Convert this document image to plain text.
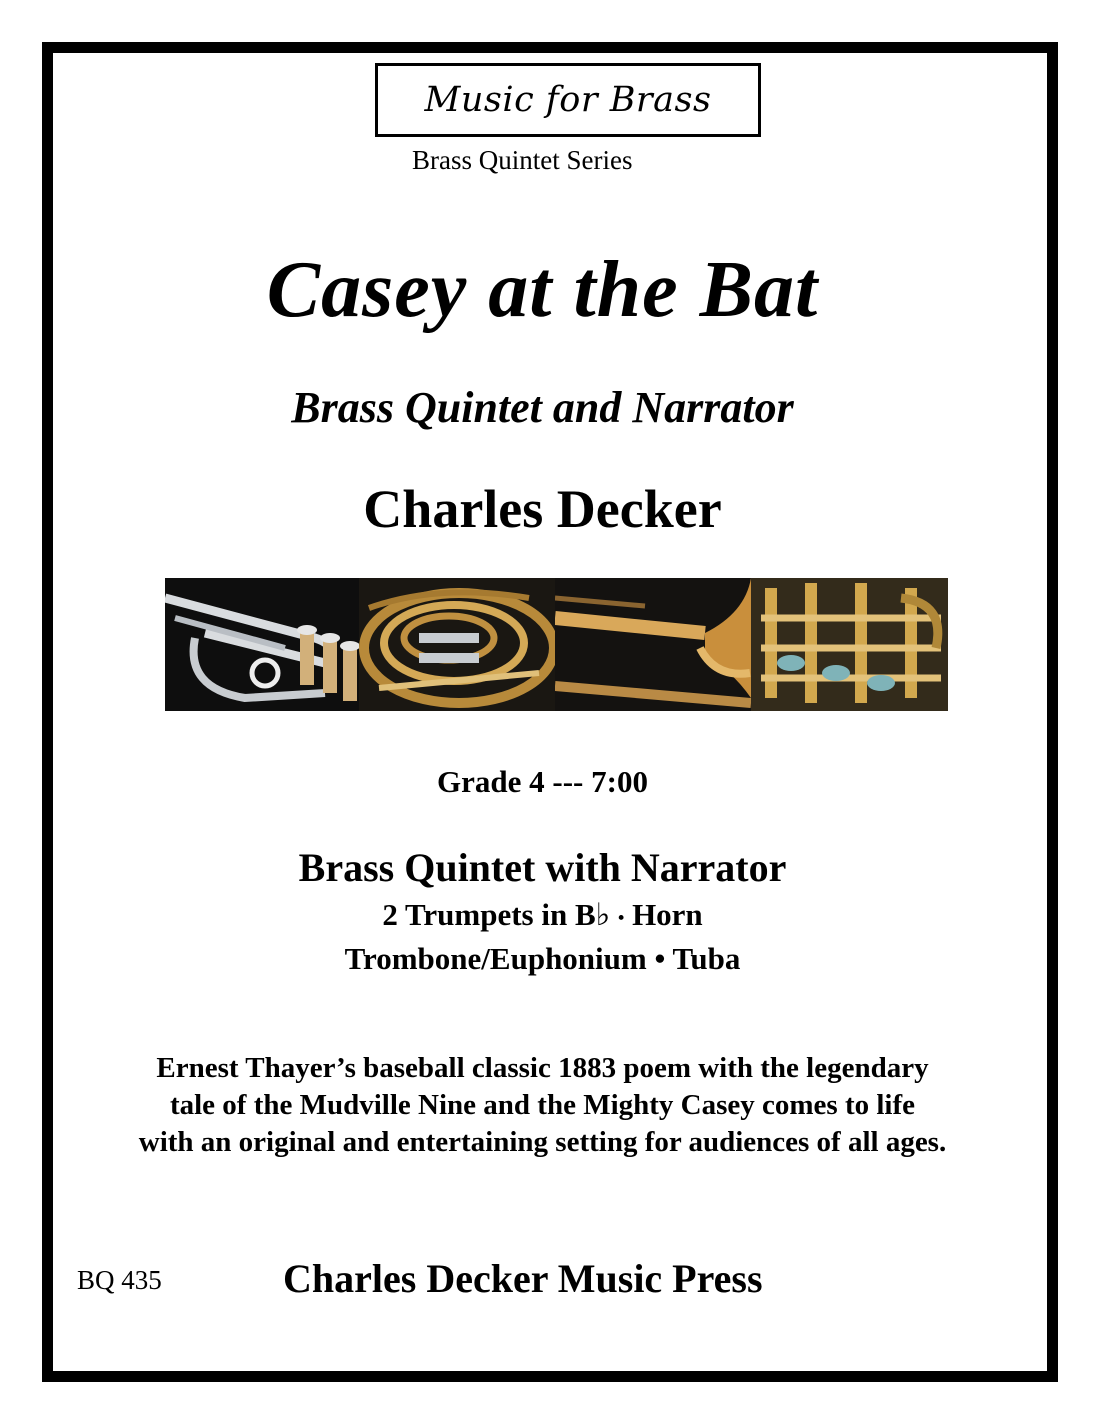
Music for Brass
Brass Quintet Series
Casey at the Bat
Brass Quintet and Narrator
Charles Decker
Grade 4 --- 7:00
Brass Quintet with Narrator
2 Trumpets in B♭ • Horn
Trombone/Euphonium • Tuba
Ernest Thayer’s baseball classic 1883 poem with the legendary
tale of the Mudville Nine and the Mighty Casey comes to life
with an original and entertaining setting for audiences of all ages.
BQ 435	Charles Decker Music Press
